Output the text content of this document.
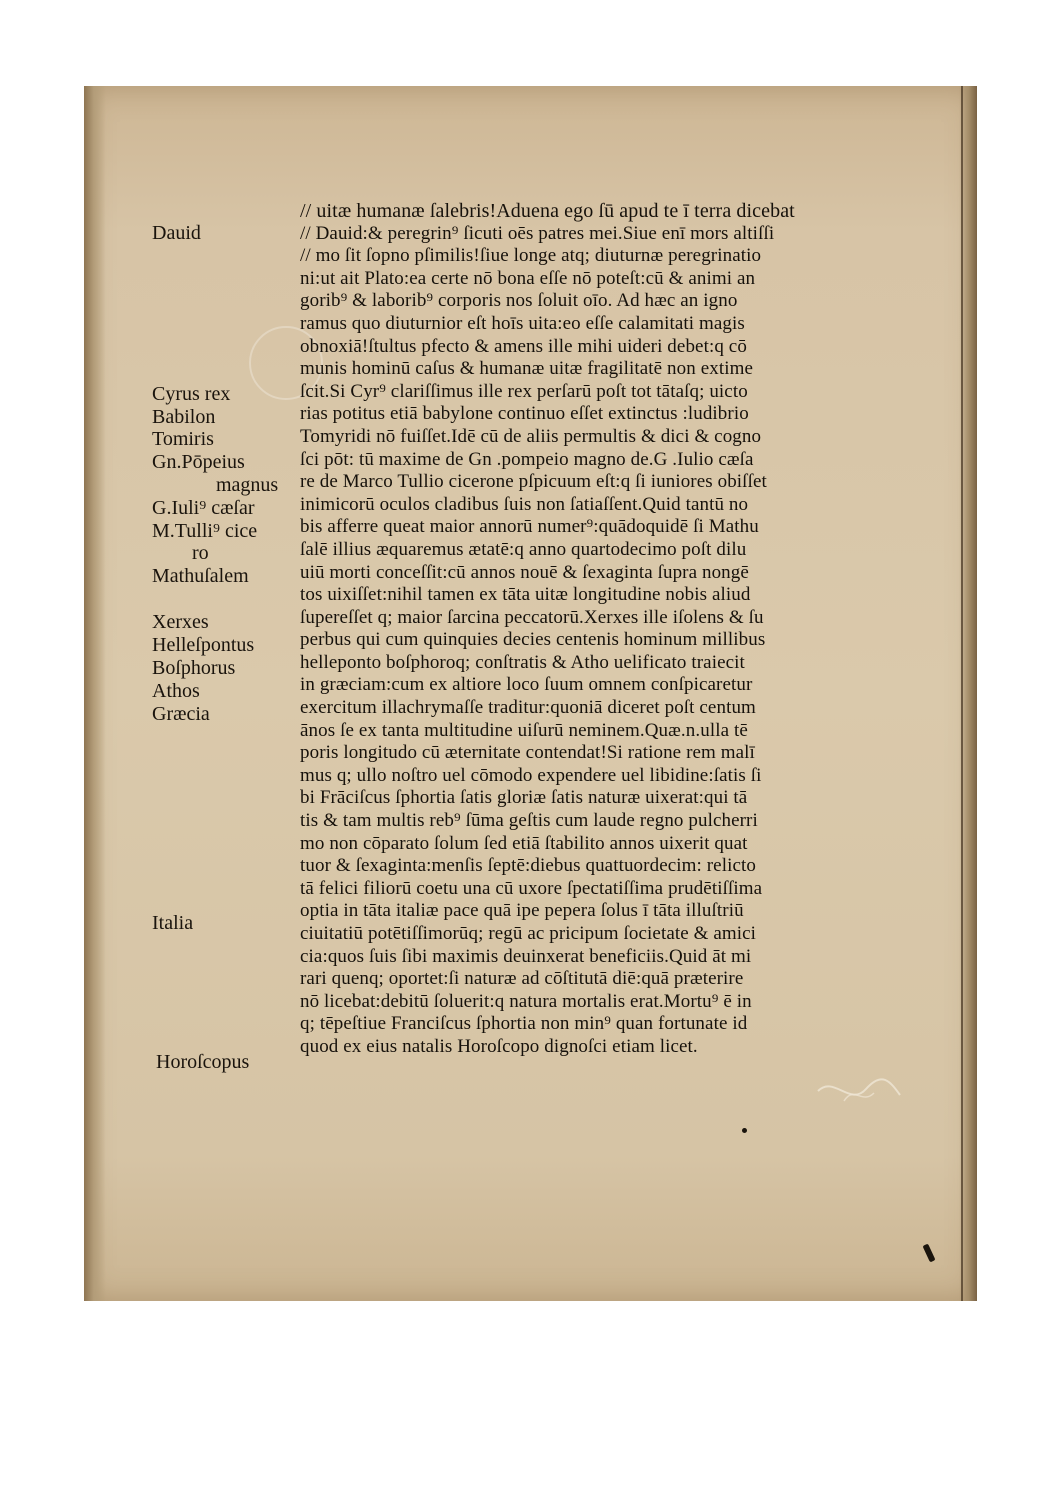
Dauid
Cyrus rex
Babilon
Tomiris
Gn.Pōpeius
magnus
G.Iuli⁹ cæſar
M.Tulli⁹ cice
ro
Mathuſalem
Xerxes
Helleſpontus
Boſphorus
Athos
Græcia
Italia
Horoſcopus
// uitæ humanæ ſalebris!Aduena ego ſū apud te ī terra dicebat
// Dauid:& peregrin⁹ ſicuti oēs patres mei.Siue enī mors altiſſi
// mo ſit ſopno pſimilis!ſiue longe atq; diuturnæ peregrinatio
ni:ut ait Plato:ea certe nō bona eſſe nō poteſt:cū & animi an
gorib⁹ & laborib⁹ corporis nos ſoluit oīo. Ad hæc an igno
ramus quo diuturnior eſt hoīs uita:eo eſſe calamitati magis
obnoxiā!ſtultus pfecto & amens ille mihi uideri debet:q cō
munis hominū caſus & humanæ uitæ fragilitatē non extime
ſcit.Si Cyr⁹ clariſſimus ille rex perſarū poſt tot tātaſq; uicto
rias potitus etiā babylone continuo eſſet extinctus :ludibrio
Tomyridi nō fuiſſet.Idē cū de aliis permultis & dici & cogno
ſci pōt: tū maxime de Gn .pompeio magno de.G .Iulio cæſa
re de Marco Tullio cicerone pſpicuum eſt:q ſi iuniores obiſſet
inimicorū oculos cladibus ſuis non ſatiaſſent.Quid tantū no
bis afferre queat maior annorū numer⁹:quādoquidē ſi Mathu
ſalē illius æquaremus ætatē:q anno quartodecimo poſt dilu
uiū morti conceſſit:cū annos nouē & ſexaginta ſupra nongē
tos uixiſſet:nihil tamen ex tāta uitæ longitudine nobis aliud
ſupereſſet q; maior ſarcina peccatorū.Xerxes ille iſolens & ſu
perbus qui cum quinquies decies centenis hominum millibus
helleponto boſphoroq; conſtratis & Atho uelificato traiecit
in græciam:cum ex altiore loco ſuum omnem conſpicaretur
exercitum illachrymaſſe traditur:quoniā diceret poſt centum
ānos ſe ex tanta multitudine uiſurū neminem.Quæ.n.ulla tē
poris longitudo cū æternitate contendat!Si ratione rem malī
mus q; ullo noſtro uel cōmodo expendere uel libidine:ſatis ſi
bi Frāciſcus ſphortia ſatis gloriæ ſatis naturæ uixerat:qui tā
tis & tam multis reb⁹ ſūma geſtis cum laude regno pulcherri
mo non cōparato ſolum ſed etiā ſtabilito annos uixerit quat
tuor & ſexaginta:menſis ſeptē:diebus quattuordecim: relicto
tā felici filiorū coetu una cū uxore ſpectatiſſima prudētiſſima
optia in tāta italiæ pace quā ipe pepera ſolus ī tāta illuſtriū
ciuitatiū potētiſſimorūq; regū ac pricipum ſocietate & amici
cia:quos ſuis ſibi maximis deuinxerat beneficiis.Quid āt mi
rari quenq; oportet:ſi naturæ ad cōſtitutā diē:quā præterire
nō licebat:debitū ſoluerit:q natura mortalis erat.Mortu⁹ ē in
q; tēpeſtiue Franciſcus ſphortia non min⁹ quan fortunate id
quod ex eius natalis Horoſcopo dignoſci etiam licet.
